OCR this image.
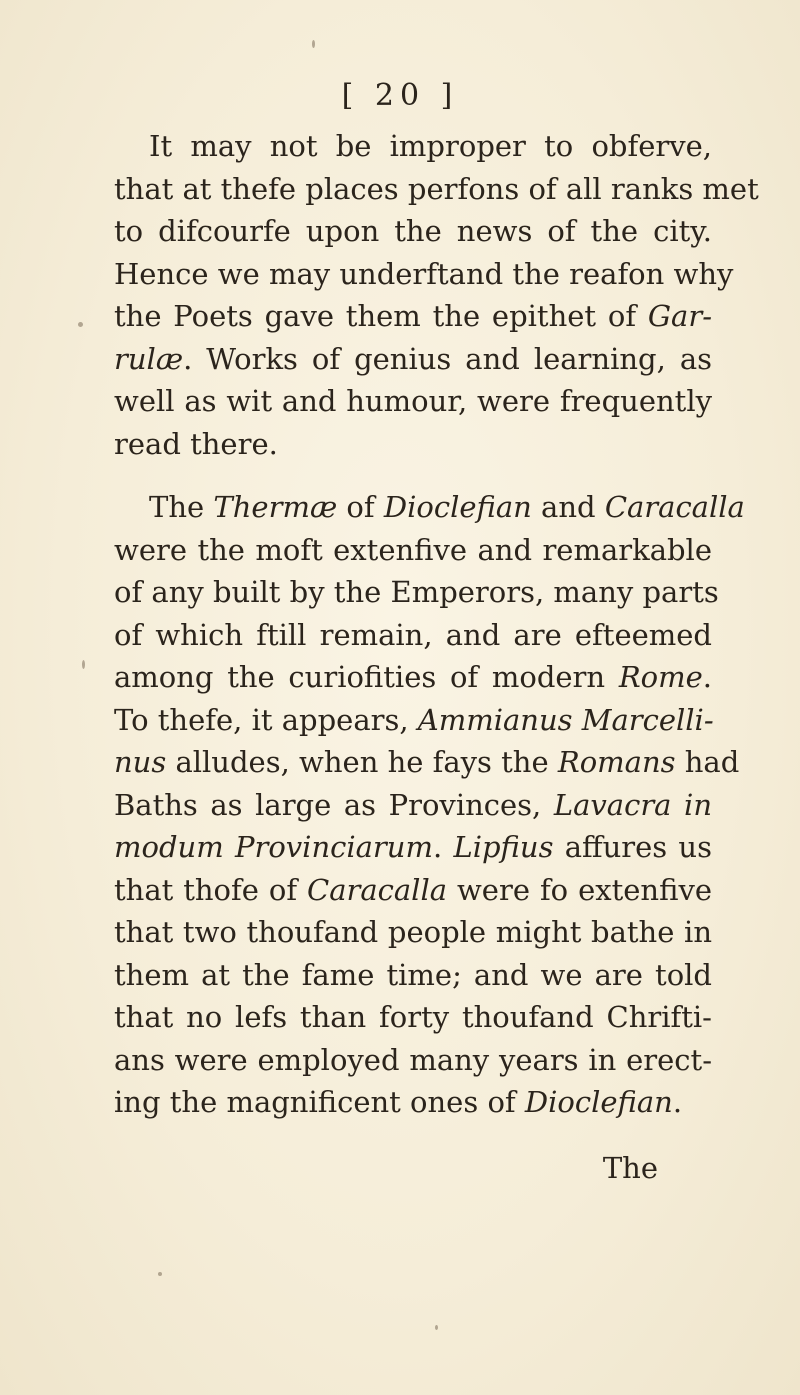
[ 20 ]
It may not be improper to obferve,
that at thefe places perfons of all ranks met
to difcourfe upon the news of the city.
Hence we may underftand the reafon why
the Poets gave them the epithet of Gar-
rulæ. Works of genius and learning, as
well as wit and humour, were frequently
read there.
The Thermæ of Dioclefian and Caracalla
were the moft extenfive and remarkable
of any built by the Emperors, many parts
of which ftill remain, and are efteemed
among the curiofities of modern Rome.
To thefe, it appears, Ammianus Marcelli-
nus alludes, when he fays the Romans had
Baths as large as Provinces, Lavacra in
modum Provinciarum. Lipfius affures us
that thofe of Caracalla were fo extenfive
that two thoufand people might bathe in
them at the fame time; and we are told
that no lefs than forty thoufand Chrifti-
ans were employed many years in erect-
ing the magnificent ones of Dioclefian.
The
